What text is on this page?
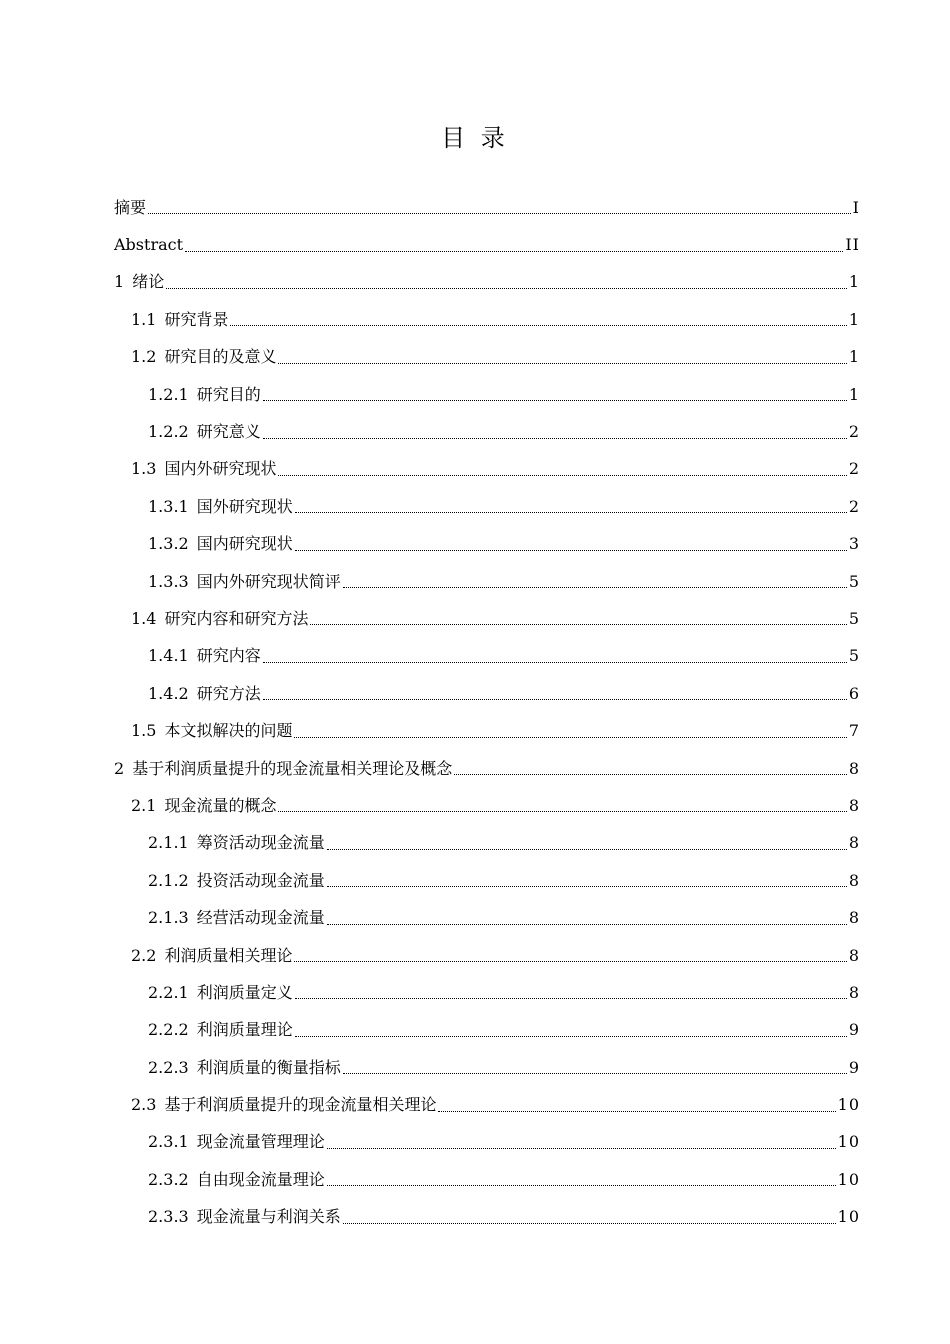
目 录
摘要	I
Abstract	II
1 绪论	1
1.1 研究背景	1
1.2 研究目的及意义	1
1.2.1 研究目的	1
1.2.2 研究意义	2
1.3 国内外研究现状	2
1.3.1 国外研究现状	2
1.3.2 国内研究现状	3
1.3.3 国内外研究现状简评	5
1.4 研究内容和研究方法	5
1.4.1 研究内容	5
1.4.2 研究方法	6
1.5 本文拟解决的问题	7
2 基于利润质量提升的现金流量相关理论及概念	8
2.1 现金流量的概念	8
2.1.1 筹资活动现金流量	8
2.1.2 投资活动现金流量	8
2.1.3 经营活动现金流量	8
2.2 利润质量相关理论	8
2.2.1 利润质量定义	8
2.2.2 利润质量理论	9
2.2.3 利润质量的衡量指标	9
2.3 基于利润质量提升的现金流量相关理论	10
2.3.1 现金流量管理理论	10
2.3.2 自由现金流量理论	10
2.3.3 现金流量与利润关系	10
